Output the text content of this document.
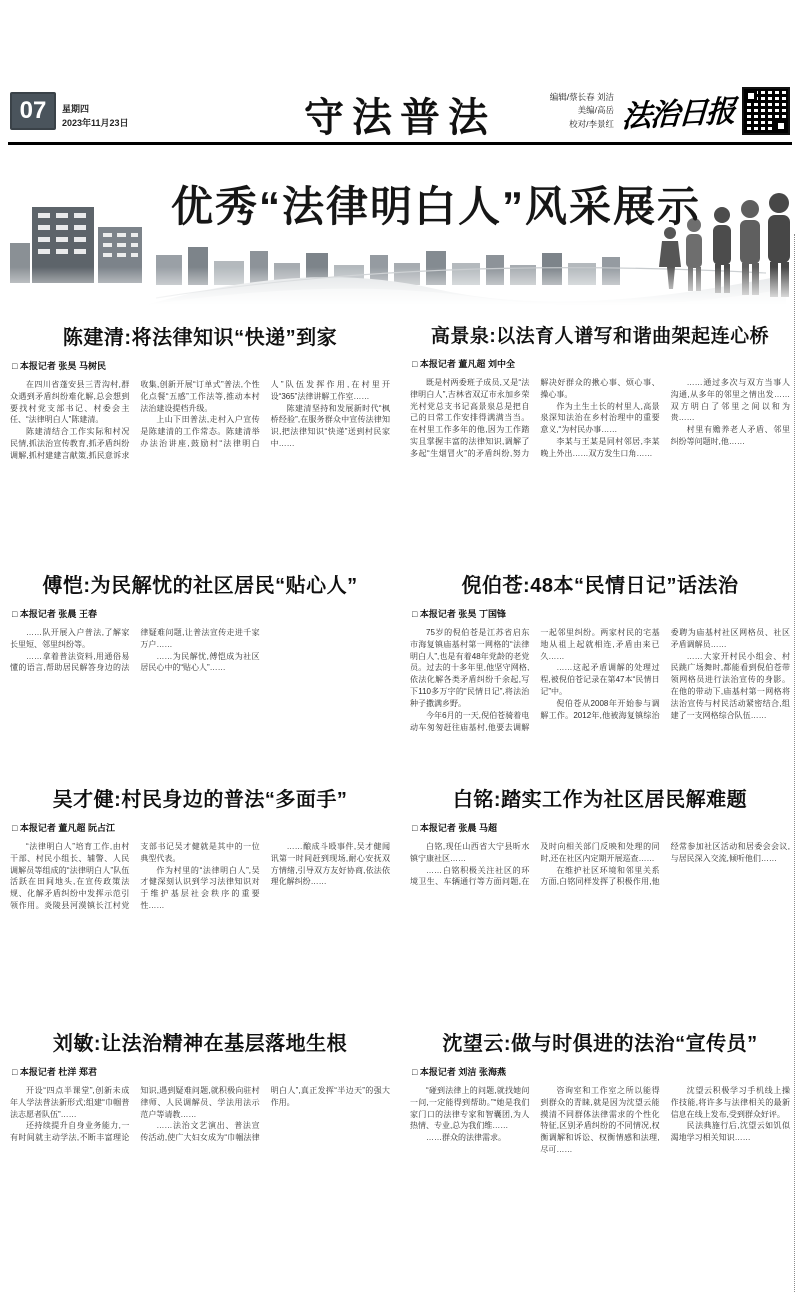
07	星期四
2023年11月23日	守法普法	编辑/蔡长春 刘洁
美编/高岳
校对/李景红 法治日报
优秀“法律明白人”风采展示
陈建清:将法律知识“快递”到家
□ 本报记者 张昊 马树民

在四川省蓬安县三青沟村,群众遇到矛盾纠纷难化解,总会想到要找村党支部书记、村委会主任、“法律明白人”陈建清。

陈建清结合工作实际和村况民情,抓法治宣传教育,抓矛盾纠纷调解,抓村建建言献策,抓民意诉求收集,创新开展“订单式”普法,个性化点餐“五感”工作法等,推动本村法治建设提档升级。

上山下田普法,走村入户宣传是陈建清的工作常态。陈建清举办法治讲座,鼓励村“法律明白人”队伍发挥作用,在村里开设“365”法律讲解工作室……

陈建清坚持和发展新时代“枫桥经验”,在服务群众中宣传法律知识,把法律知识“快递”送到村民家中……

高景泉:以法育人谱写和谐曲架起连心桥
□ 本报记者 董凡超 刘中全

既是村两委班子成员,又是“法律明白人”,吉林省双辽市永加乡荣光村党总支书记高景泉总是把自己的日常工作安排得满满当当。在村里工作多年的他,因为工作踏实且掌握丰富的法律知识,调解了多起“生烟冒火”的矛盾纠纷,努力解决好群众的揪心事、烦心事、操心事。

作为土生土长的村里人,高景泉深知法治在乡村治理中的重要意义,“为村民办事……

李某与王某是同村邻居,李某晚上外出……双方发生口角……

……通过多次与双方当事人沟通,从多年的邻里之情出发……双方明白了邻里之间以和为贵……

村里有赡养老人矛盾、邻里纠纷等问题时,他……

傅恺:为民解忧的社区居民“贴心人”
□ 本报记者 张晨 王春

……队开展入户普法,了解家长里短、邻里纠纷等。

……拿着普法资料,用通俗易懂的语言,帮助居民解答身边的法律疑难问题,让普法宣传走进千家万户……

……为民解忧,傅恺成为社区居民心中的“贴心人”……

倪伯苍:48本“民情日记”话法治
□ 本报记者 张昊 丁国锋

75岁的倪伯苍是江苏省启东市海复镇庙基村第一网格的“法律明白人”,也是有着48年党龄的老党员。过去的十多年里,他坚守网格,依法化解各类矛盾纠纷千余起,写下110多万字的“民情日记”,将法治种子撒满乡野。

今年6月的一天,倪伯苍骑着电动车匆匆赶往庙基村,他要去调解一起邻里纠纷。两家村民的宅基地从祖上起就相连,矛盾由来已久……

……这起矛盾调解的处理过程,被倪伯苍记录在第47本“民情日记”中。

倪伯苍从2008年开始参与调解工作。2012年,他被海复镇综治委聘为庙基村社区网格员、社区矛盾调解员……

……大家开村民小组会、村民跳广场舞时,都能看到倪伯苍带领网格员进行法治宣传的身影。在他的带动下,庙基村第一网格将法治宣传与村民活动紧密结合,组建了一支网格综合队伍……

吴才健:村民身边的普法“多面手”
□ 本报记者 董凡超 阮占江

“法律明白人”培育工作,由村干部、村民小组长、辅警、人民调解员等组成的“法律明白人”队伍活跃在田间地头,在宣传政策法规、化解矛盾纠纷中发挥示范引领作用。炎陵县河漠镇长江村党支部书记吴才健就是其中的一位典型代表。

作为村里的“法律明白人”,吴才健深刻认识到学习法律知识对于维护基层社会秩序的重要性……

……酿成斗殴事件,吴才健闻讯第一时间赶到现场,耐心安抚双方情绪,引导双方友好协商,依法依理化解纠纷……

白铭:踏实工作为社区居民解难题
□ 本报记者 张晨 马超

白铭,现任山西省大宁县昕水镇宁康社区……

……白铭积极关注社区的环境卫生、车辆通行等方面问题,在及时向相关部门反映和处理的同时,还在社区内定期开展巡查……

在维护社区环境和邻里关系方面,白铭同样发挥了积极作用,他经常参加社区活动和居委会会议,与居民深入交流,倾听他们……

刘敏:让法治精神在基层落地生根
□ 本报记者 杜洋 郑君

开设“四点半课堂”,创新未成年人学法普法新形式;组建“巾帼普法志愿者队伍”……

还持续提升自身业务能力,一有时间就主动学法,不断丰富理论知识,遇到疑难问题,就积极向驻村律师、人民调解员、学法用法示范户等请教……

……法治文艺演出、普法宣传活动,使广大妇女成为“巾帼法律明白人”,真正发挥“半边天”的强大作用。

沈望云:做与时俱进的法治“宣传员”
□ 本报记者 刘洁 张海燕

“碰到法律上的问题,就找她问一问,一定能得到帮助。”“她是我们家门口的法律专家和智囊团,为人热情、专业,总为我们维……

……群众的法律需求。

咨询室和工作室之所以能得到群众的青睐,就是因为沈望云能摸清不同群体法律需求的个性化特征,区别矛盾纠纷的不同情况,权衡调解和诉讼、权衡情感和法理,尽可……

沈望云积极学习手机线上操作技能,将许多与法律相关的最新信息在线上发布,受到群众好评。

民法典施行后,沈望云如饥似渴地学习相关知识……
